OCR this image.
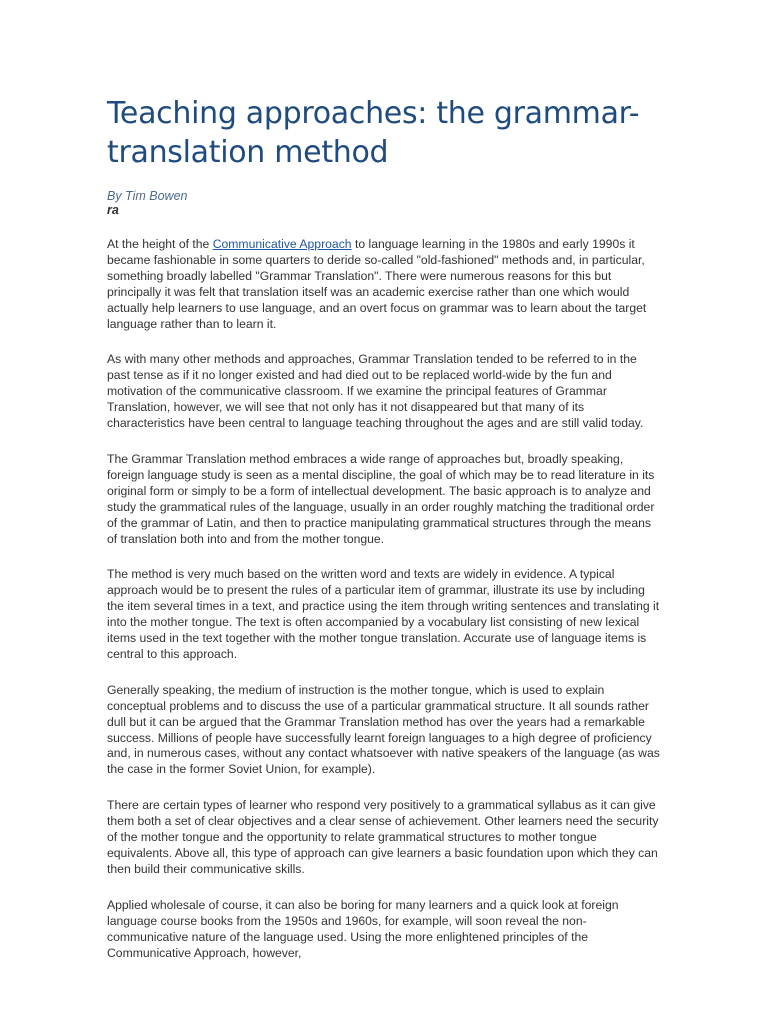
Teaching approaches: the grammar-translation method
By Tim Bowen
ra

At the height of the Communicative Approach to language learning in the 1980s and early 1990s it became fashionable in some quarters to deride so-called "old-fashioned" methods and, in particular, something broadly labelled "Grammar Translation". There were numerous reasons for this but principally it was felt that translation itself was an academic exercise rather than one which would actually help learners to use language, and an overt focus on grammar was to learn about the target language rather than to learn it.

As with many other methods and approaches, Grammar Translation tended to be referred to in the past tense as if it no longer existed and had died out to be replaced world-wide by the fun and motivation of the communicative classroom. If we examine the principal features of Grammar Translation, however, we will see that not only has it not disappeared but that many of its characteristics have been central to language teaching throughout the ages and are still valid today.

The Grammar Translation method embraces a wide range of approaches but, broadly speaking, foreign language study is seen as a mental discipline, the goal of which may be to read literature in its original form or simply to be a form of intellectual development. The basic approach is to analyze and study the grammatical rules of the language, usually in an order roughly matching the traditional order of the grammar of Latin, and then to practice manipulating grammatical structures through the means of translation both into and from the mother tongue.

The method is very much based on the written word and texts are widely in evidence. A typical approach would be to present the rules of a particular item of grammar, illustrate its use by including the item several times in a text, and practice using the item through writing sentences and translating it into the mother tongue. The text is often accompanied by a vocabulary list consisting of new lexical items used in the text together with the mother tongue translation. Accurate use of language items is central to this approach.

Generally speaking, the medium of instruction is the mother tongue, which is used to explain conceptual problems and to discuss the use of a particular grammatical structure. It all sounds rather dull but it can be argued that the Grammar Translation method has over the years had a remarkable success. Millions of people have successfully learnt foreign languages to a high degree of proficiency and, in numerous cases, without any contact whatsoever with native speakers of the language (as was the case in the former Soviet Union, for example).

There are certain types of learner who respond very positively to a grammatical syllabus as it can give them both a set of clear objectives and a clear sense of achievement. Other learners need the security of the mother tongue and the opportunity to relate grammatical structures to mother tongue equivalents. Above all, this type of approach can give learners a basic foundation upon which they can then build their communicative skills.

Applied wholesale of course, it can also be boring for many learners and a quick look at foreign language course books from the 1950s and 1960s, for example, will soon reveal the non-communicative nature of the language used. Using the more enlightened principles of the Communicative Approach, however,
